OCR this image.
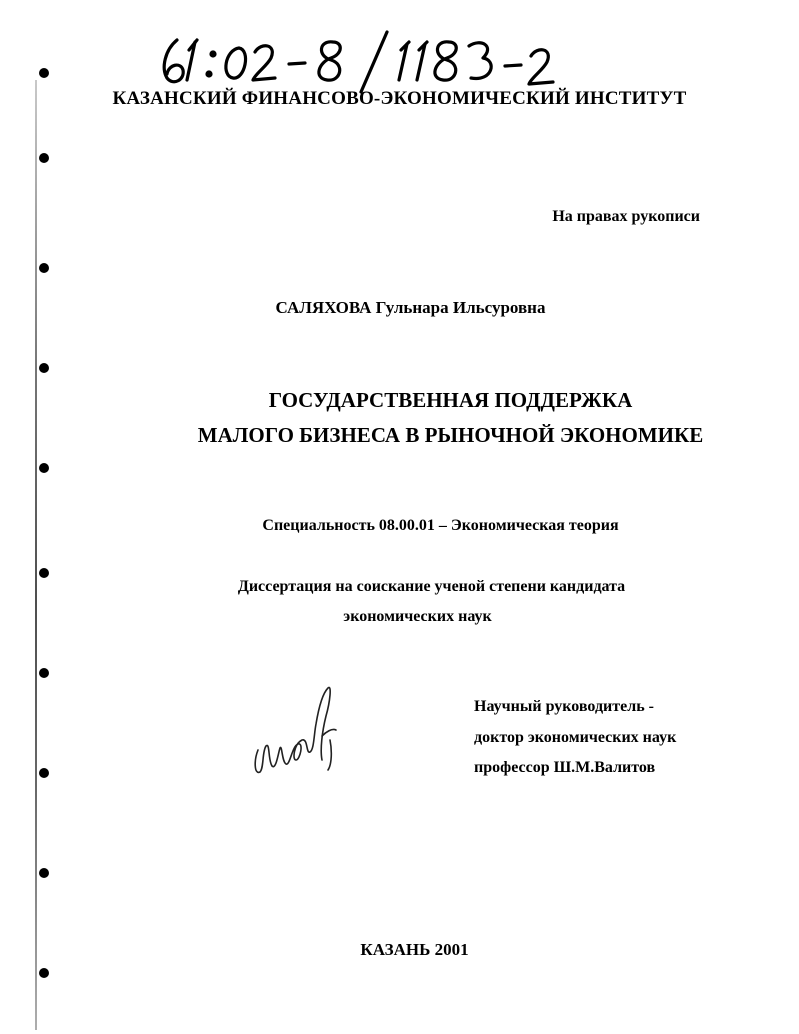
КАЗАНСКИЙ ФИНАНСОВО-ЭКОНОМИЧЕСКИЙ ИНСТИТУТ
На правах рукописи
САЛЯХОВА Гульнара Ильсуровна
ГОСУДАРСТВЕННАЯ ПОДДЕРЖКА
МАЛОГО БИЗНЕСА В РЫНОЧНОЙ ЭКОНОМИКЕ
Специальность 08.00.01 – Экономическая теория
Диссертация на соискание ученой степени кандидата
экономических наук
Научный руководитель -
доктор экономических наук
профессор Ш.М.Валитов
КАЗАНЬ 2001
